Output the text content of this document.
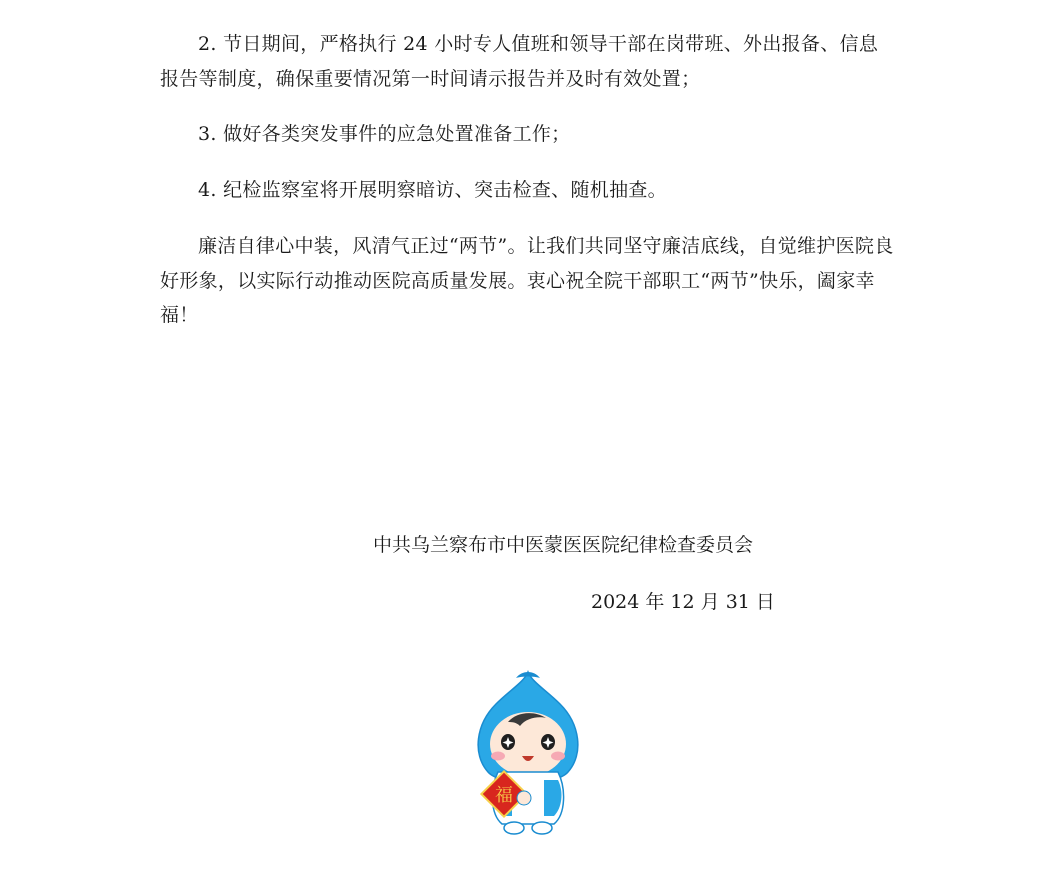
2. 节日期间，严格执行 24 小时专人值班和领导干部在岗带班、外出报备、信息报告等制度，确保重要情况第一时间请示报告并及时有效处置；

3. 做好各类突发事件的应急处置准备工作；

4. 纪检监察室将开展明察暗访、突击检查、随机抽查。

廉洁自律心中装，风清气正过“两节”。让我们共同坚守廉洁底线，自觉维护医院良好形象，以实际行动推动医院高质量发展。衷心祝全院干部职工“两节”快乐，阖家幸福！

中共乌兰察布市中医蒙医医院纪律检查委员会

2024 年 12 月 31 日

福
